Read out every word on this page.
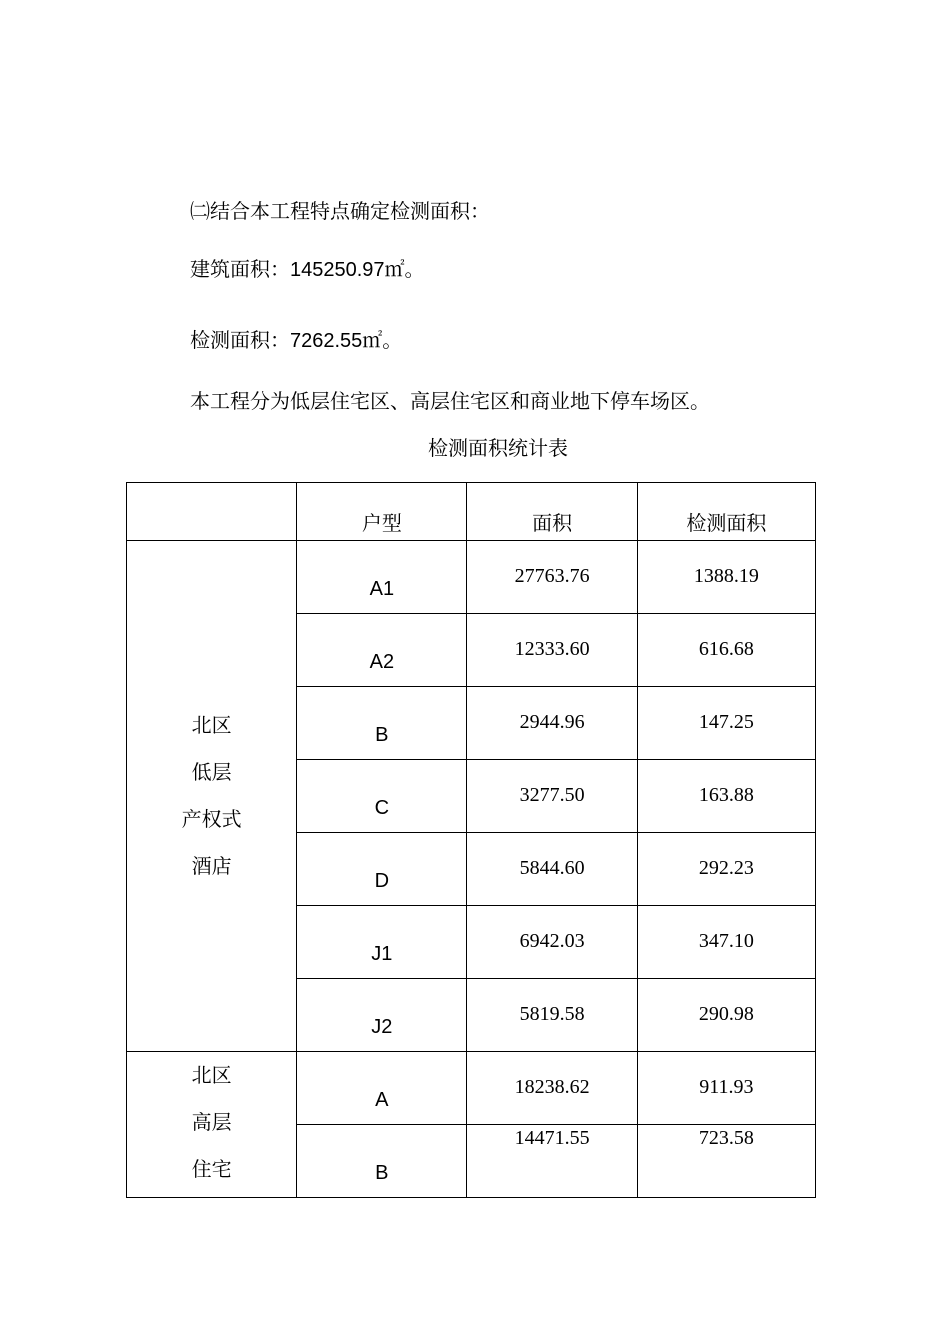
㈡结合本工程特点确定检测面积：

建筑面积：145250.97㎡。

检测面积：7262.55㎡。

本工程分为低层住宅区、高层住宅区和商业地下停车场区。

检测面积统计表

	户型	面积	检测面积

北区
低层
产权式
酒店	A1	27763.76	1388.19
	A2	12333.60	616.68
	B	2944.96	147.25
	C	3277.50	163.88
	D	5844.60	292.23
	J1	6942.03	347.10
	J2	5819.58	290.98

北区
高层
住宅	A	18238.62	911.93
	B	14471.55	723.58
